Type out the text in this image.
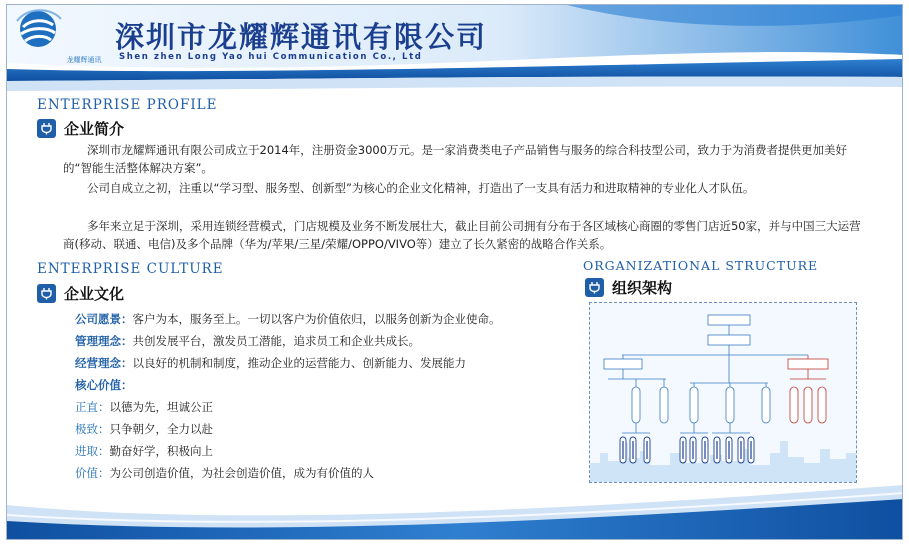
龙耀辉通讯
深圳市龙耀辉通讯有限公司
Shen zhen Long Yao hui Communication Co., Ltd
ENTERPRISE PROFILE
企业简介

深圳市龙耀辉通讯有限公司成立于2014年，注册资金3000万元。是一家消费类电子产品销售与服务的综合科技型公司，致力于为消费者提供更加美好的“智能生活整体解决方案”。

公司自成立之初，注重以“学习型、服务型、创新型”为核心的企业文化精神，打造出了一支具有活力和进取精神的专业化人才队伍。

多年来立足于深圳，采用连锁经营模式，门店规模及业务不断发展壮大，截止目前公司拥有分布于各区域核心商圈的零售门店近50家，并与中国三大运营商(移动、联通、电信)及多个品牌（华为/苹果/三星/荣耀/OPPO/VIVO等）建立了长久紧密的战略合作关系。

ENTERPRISE CULTURE
企业文化
公司愿景：客户为本，服务至上。一切以客户为价值依归，以服务创新为企业使命。
管理理念：共创发展平台，激发员工潜能，追求员工和企业共成长。
经营理念：以良好的机制和制度，推动企业的运营能力、创新能力、发展能力
核心价值：
正直：以德为先，坦诚公正
极致：只争朝夕，全力以赴
进取：勤奋好学，积极向上
价值：为公司创造价值，为社会创造价值，成为有价值的人
ORGANIZATIONAL STRUCTURE
组织架构
